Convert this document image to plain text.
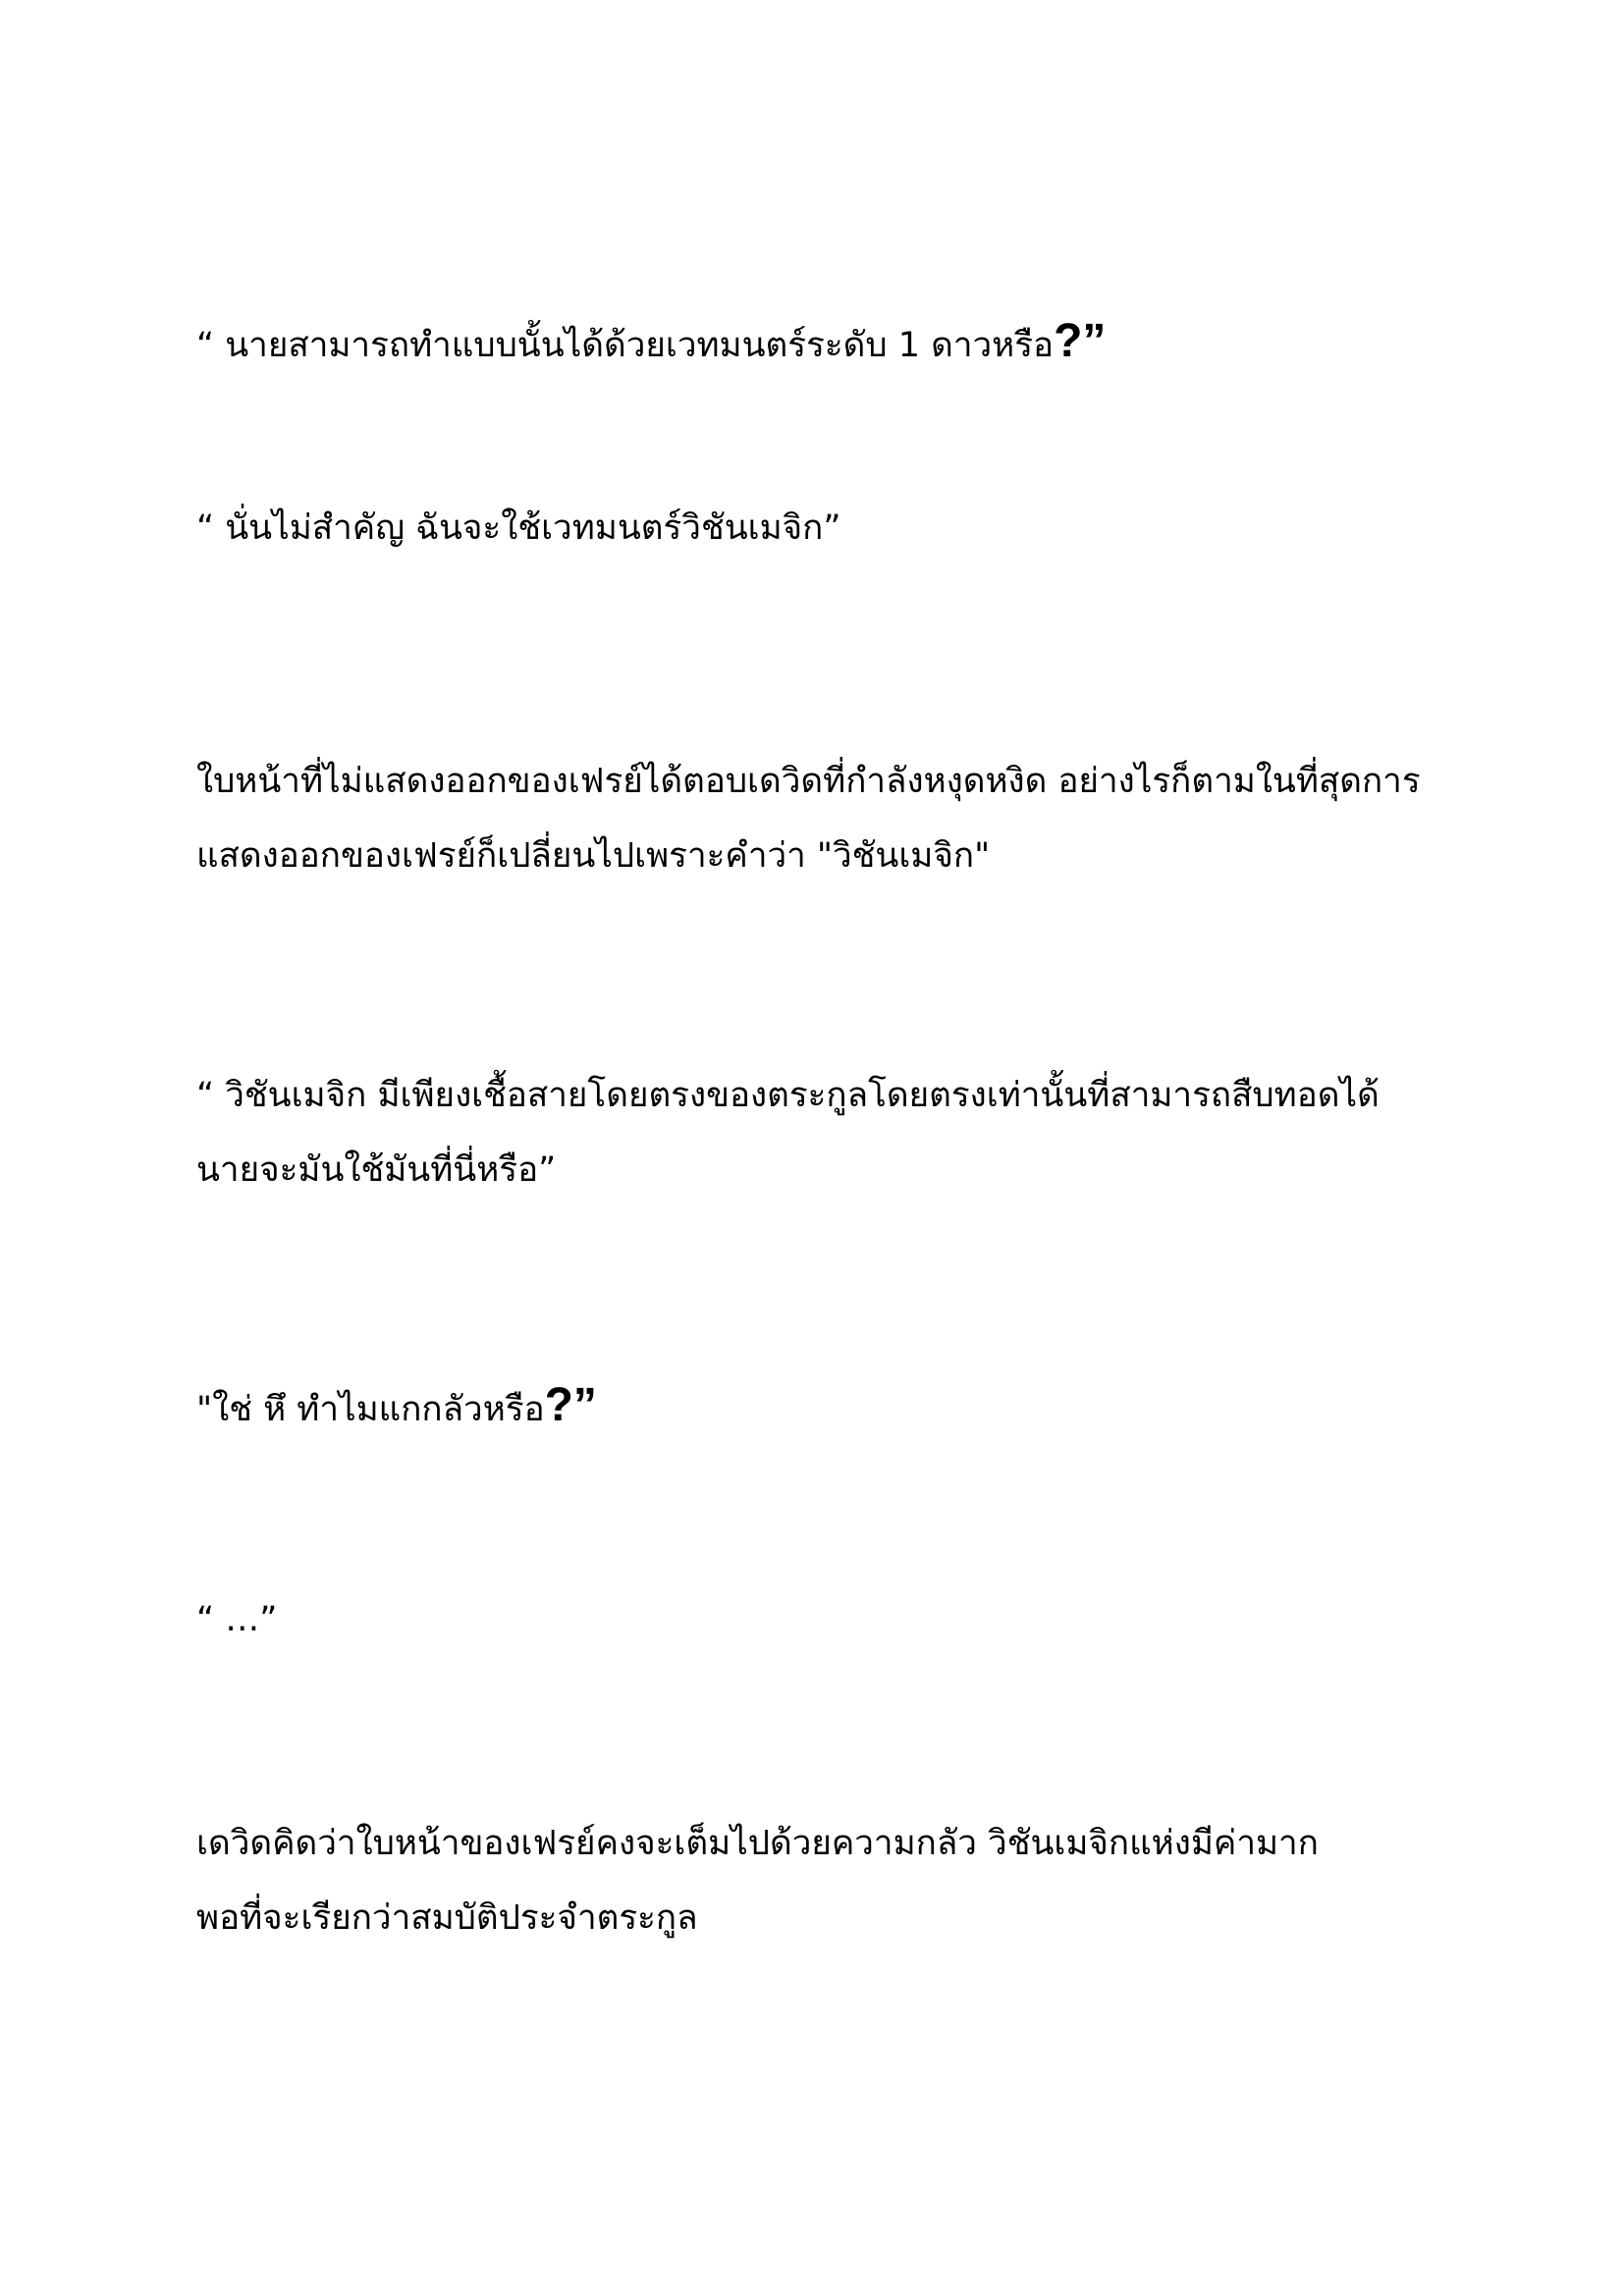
“ นายสามารถทำแบบนั้นได้ด้วยเวทมนตร์ระดับ 1 ดาวหรือ?”

“ นั่นไม่สำคัญ ฉันจะใช้เวทมนตร์วิชันเมจิก”

ใบหน้าที่ไม่แสดงออกของเฟรย์ได้ตอบเดวิดที่กำลังหงุดหงิด อย่างไรก็ตามในที่สุดการ
แสดงออกของเฟรย์ก็เปลี่ยนไปเพราะคำว่า "วิชันเมจิก"

“ วิชันเมจิก มีเพียงเชื้อสายโดยตรงของตระกูลโดยตรงเท่านั้นที่สามารถสืบทอดได้
นายจะมันใช้มันที่นี่หรือ”

"ใช่ หึ ทำไมแกกลัวหรือ?”

“ …”

เดวิดคิดว่าใบหน้าของเฟรย์คงจะเต็มไปด้วยความกลัว วิชันเมจิกแห่งมีค่ามาก
พอที่จะเรียกว่าสมบัติประจำตระกูล
